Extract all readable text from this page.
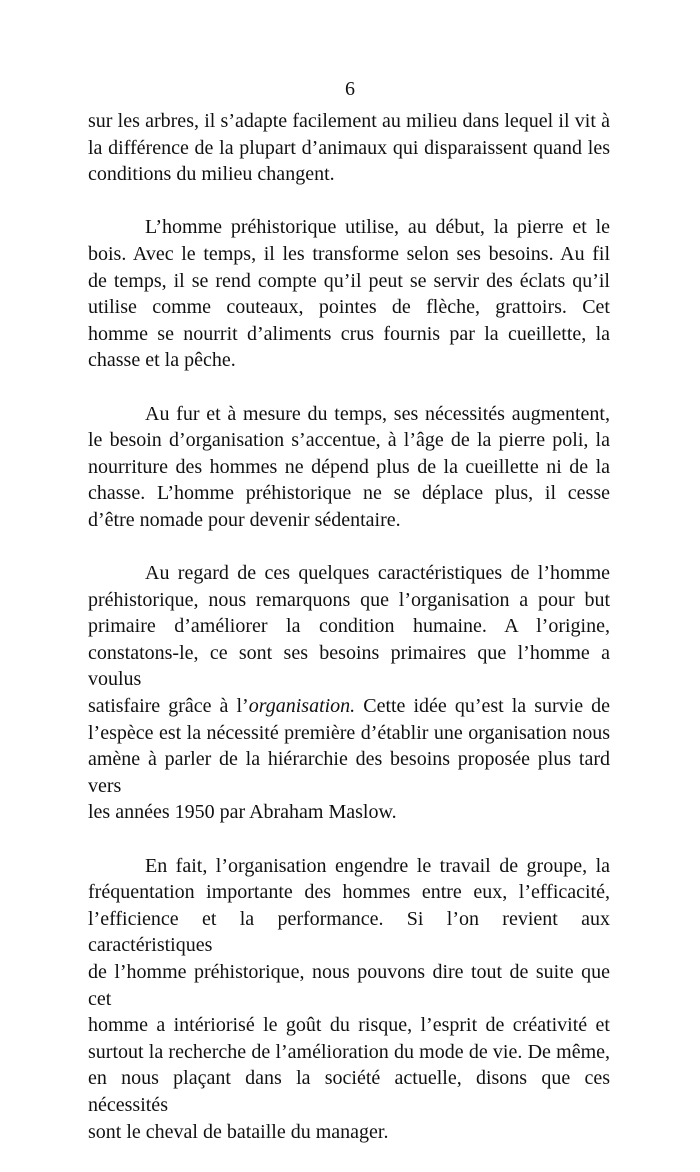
6

sur les arbres, il s’adapte facilement au milieu dans lequel il vit à
la différence de la plupart d’animaux qui disparaissent quand les
conditions du milieu changent.

L’homme préhistorique utilise, au début, la pierre et le
bois. Avec le temps, il les transforme selon ses besoins. Au fil
de temps, il se rend compte qu’il peut se servir des éclats qu’il
utilise comme couteaux, pointes de flèche, grattoirs. Cet
homme se nourrit d’aliments crus fournis par la cueillette, la
chasse et la pêche.

Au fur et à mesure du temps, ses nécessités augmentent,
le besoin d’organisation s’accentue, à l’âge de la pierre poli, la
nourriture des hommes ne dépend plus de la cueillette ni de la
chasse. L’homme préhistorique ne se déplace plus, il cesse
d’être nomade pour devenir sédentaire.

Au regard de ces quelques caractéristiques de l’homme
préhistorique, nous remarquons que l’organisation a pour but
primaire d’améliorer la condition humaine. A l’origine,
constatons-le, ce sont ses besoins primaires que l’homme a voulus
satisfaire grâce à l’organisation. Cette idée qu’est la survie de
l’espèce est la nécessité première d’établir une organisation nous
amène à parler de la hiérarchie des besoins proposée plus tard vers
les années 1950 par Abraham Maslow.

En fait, l’organisation engendre le travail de groupe, la
fréquentation importante des hommes entre eux, l’efficacité,
l’efficience et la performance. Si l’on revient aux caractéristiques
de l’homme préhistorique, nous pouvons dire tout de suite que cet
homme a intériorisé le goût du risque, l’esprit de créativité et
surtout la recherche de l’amélioration du mode de vie. De même,
en nous plaçant dans la société actuelle, disons que ces nécessités
sont le cheval de bataille du manager.
